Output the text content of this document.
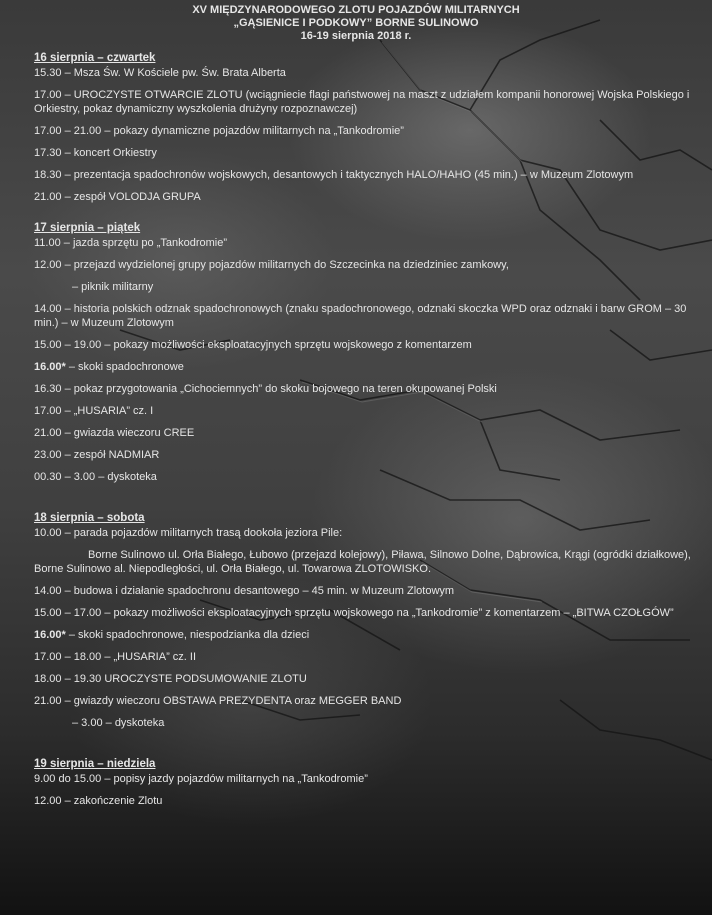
XV MIĘDZYNARODOWEGO ZLOTU POJAZDÓW MILITARNYCH
„GĄSIENICE I PODKOWY” BORNE SULINOWO
16-19 sierpnia 2018 r.
16 sierpnia – czwartek
15.30 – Msza Św. W Kościele pw. Św. Brata Alberta
17.00 – UROCZYSTE OTWARCIE ZLOTU (wciągniecie flagi państwowej na maszt z udziałem kompanii honorowej Wojska Polskiego i Orkiestry, pokaz dynamiczny wyszkolenia drużyny rozpoznawczej)
17.00 – 21.00 – pokazy dynamiczne pojazdów militarnych na „Tankodromie”
17.30 – koncert Orkiestry
18.30 – prezentacja spadochronów wojskowych, desantowych i taktycznych HALO/HAHO (45 min.) – w Muzeum Zlotowym
21.00 – zespół VOLODJA GRUPA
17 sierpnia – piątek
11.00 – jazda sprzętu po „Tankodromie”
12.00 – przejazd wydzielonej grupy pojazdów militarnych do Szczecinka na dziedziniec zamkowy,
– piknik militarny
14.00 – historia polskich odznak spadochronowych (znaku spadochronowego, odznaki skoczka WPD oraz odznaki i barw GROM – 30 min.) – w Muzeum Zlotowym
15.00 – 19.00 – pokazy możliwości eksploatacyjnych sprzętu wojskowego z komentarzem
16.00* – skoki spadochronowe
16.30 – pokaz przygotowania „Cichociemnych” do skoku bojowego na teren okupowanej Polski
17.00 – „HUSARIA” cz. I
21.00 – gwiazda wieczoru CREE
23.00 – zespół NADMIAR
00.30 – 3.00 – dyskoteka
18 sierpnia – sobota
10.00 – parada pojazdów militarnych trasą dookoła jeziora Pile:
Borne Sulinowo ul. Orła Białego, Łubowo (przejazd kolejowy), Piława, Silnowo Dolne, Dąbrowica, Krągi (ogródki działkowe), Borne Sulinowo al. Niepodległości, ul. Orła Białego, ul. Towarowa ZLOTOWISKO.
14.00 – budowa i działanie spadochronu desantowego – 45 min. w Muzeum Zlotowym
15.00 – 17.00 – pokazy możliwości eksploatacyjnych sprzętu wojskowego na „Tankodromie” z komentarzem – „BITWA CZOŁGÓW”
16.00* – skoki spadochronowe, niespodzianka dla dzieci
17.00 – 18.00 – „HUSARIA” cz. II
18.00 – 19.30 UROCZYSTE PODSUMOWANIE ZLOTU
21.00 – gwiazdy wieczoru OBSTAWA PREZYDENTA oraz MEGGER BAND
– 3.00 – dyskoteka
19 sierpnia – niedziela
9.00 do 15.00 – popisy jazdy pojazdów militarnych na „Tankodromie”
12.00 – zakończenie Zlotu
